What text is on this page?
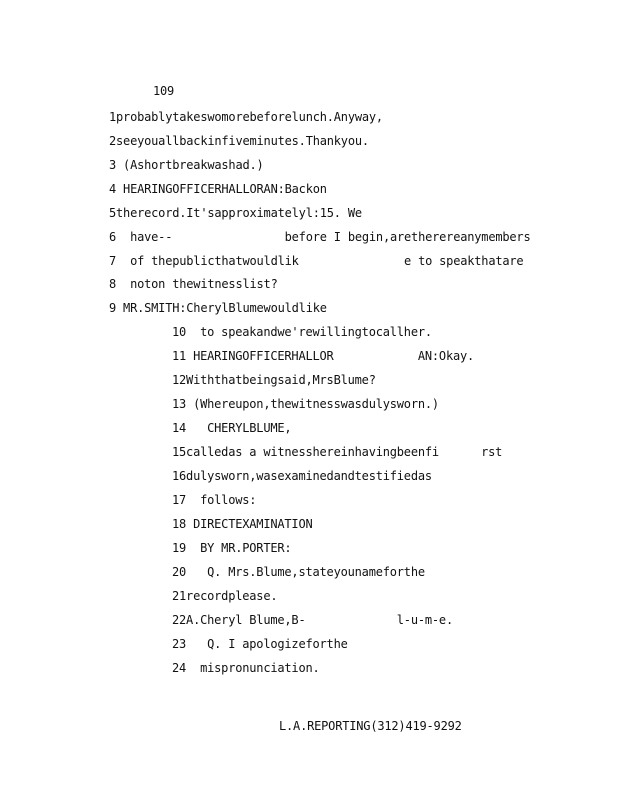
109
1probablytakeswomorebeforelunch.Anyway,
2seeyouallbackinfiveminutes.Thankyou.
3 (Ashortbreakwashad.)
4 HEARINGOFFICERHALLORAN:Backon
5therecord.It'sapproximatelyl:15. We
6  have--                before I begin,aretherereanymembers
7  of thepublicthatwouldlik               e to speakthatare
8  noton thewitnesslist?
9 MR.SMITH:CherylBlumewouldlike
10  to speakandwe'rewillingtocallher.
11 HEARINGOFFICERHALLOR            AN:Okay.
12Withthatbeingsaid,MrsBlume?
13 (Whereupon,thewitnesswasdulysworn.)
14   CHERYLBLUME,
15calledas a witnesshereinhavingbeenfi      rst
16dulysworn,wasexaminedandtestifiedas
17  follows:
18 DIRECTEXAMINATION
19  BY MR.PORTER:
20   Q. Mrs.Blume,stateyounameforthe
21recordplease.
22A.Cheryl Blume,B-             l-u-m-e.
23   Q. I apologizeforthe
24  mispronunciation.
L.A.REPORTING(312)419-9292
